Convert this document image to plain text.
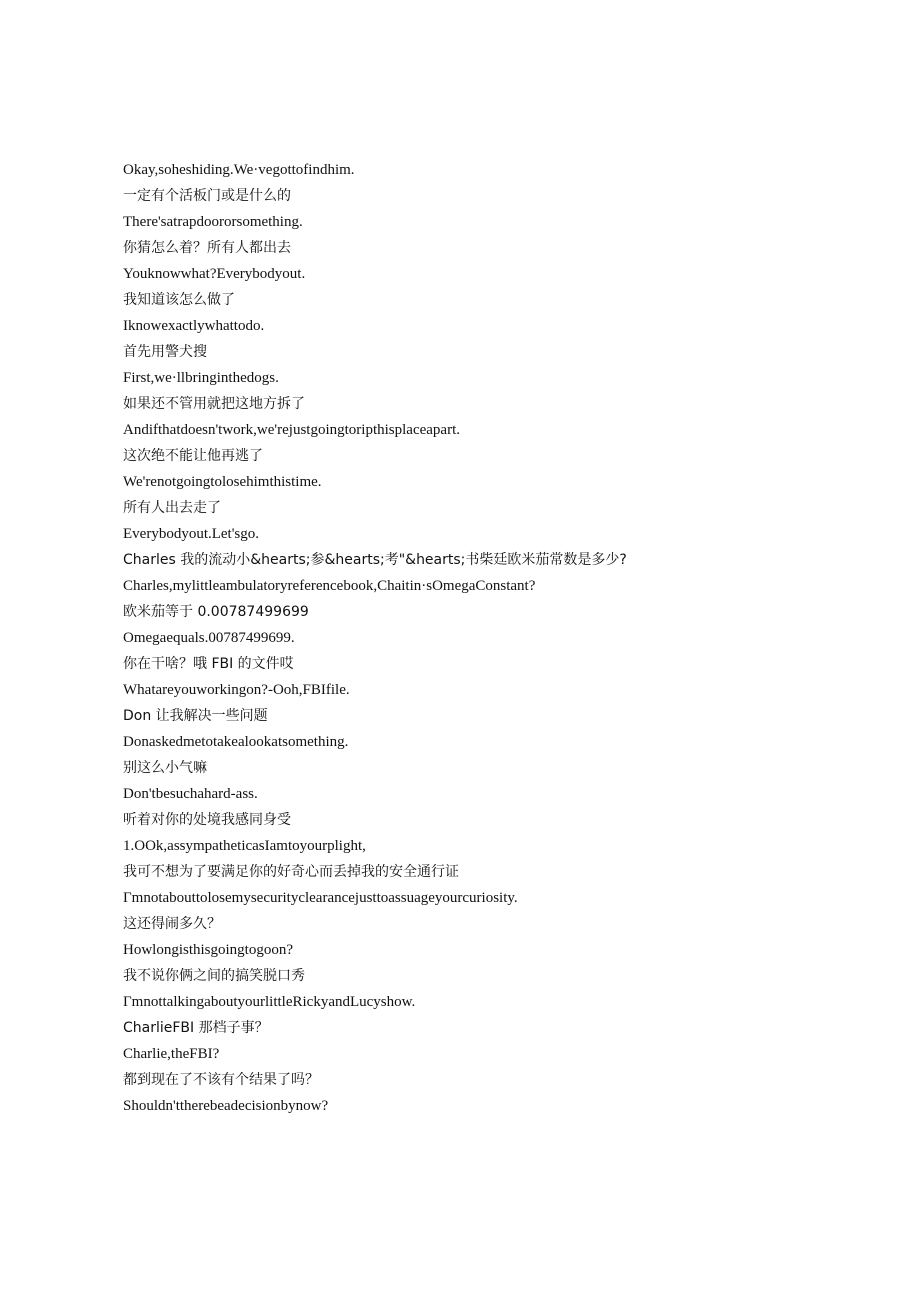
Okay,soheshiding.We·vegottofindhim.
一定有个活板门或是什么的
There'satrapdoororsomething.
你猜怎么着？所有人都出去
Youknowwhat?Everybodyout.
我知道该怎么做了
Iknowexactlywhattodo.
首先用警犬搜
First,we·llbringinthedogs.
如果还不管用就把这地方拆了
Andifthatdoesn'twork,we'rejustgoingtoripthisplaceapart.
这次绝不能让他再逃了
We'renotgoingtolosehimthistime.
所有人出去走了
Everybodyout.Let'sgo.
Charles 我的流动小&hearts;参&hearts;考"&hearts;书柴廷欧米茄常数是多少?
Charles,mylittleambulatoryreferencebook,Chaitin·sOmegaConstant?
欧米茄等于 0.00787499699
Omegaequals.00787499699.
你在干啥？哦 FBI 的文件哎
Whatareyouworkingon?-Ooh,FBIfile.
Don 让我解决一些问题
Donaskedmetotakealookatsomething.
别这么小气嘛
Don'tbesuchahard-ass.
听着对你的处境我感同身受
1.OOk,assympatheticasIamtoyourplight,
我可不想为了要满足你的好奇心而丢掉我的安全通行证
Γmnotabouttolosemysecurityclearancejusttoassuageyourcuriosity.
这还得闹多久？
Howlongisthisgoingtogoon?
我不说你俩之间的搞笑脱口秀
ΓmnottalkingaboutyourlittleRickyandLucyshow.
CharlieFBI 那档子事？
Charlie,theFBI?
都到现在了不该有个结果了吗？
Shouldn'ttherebeadecisionbynow?
